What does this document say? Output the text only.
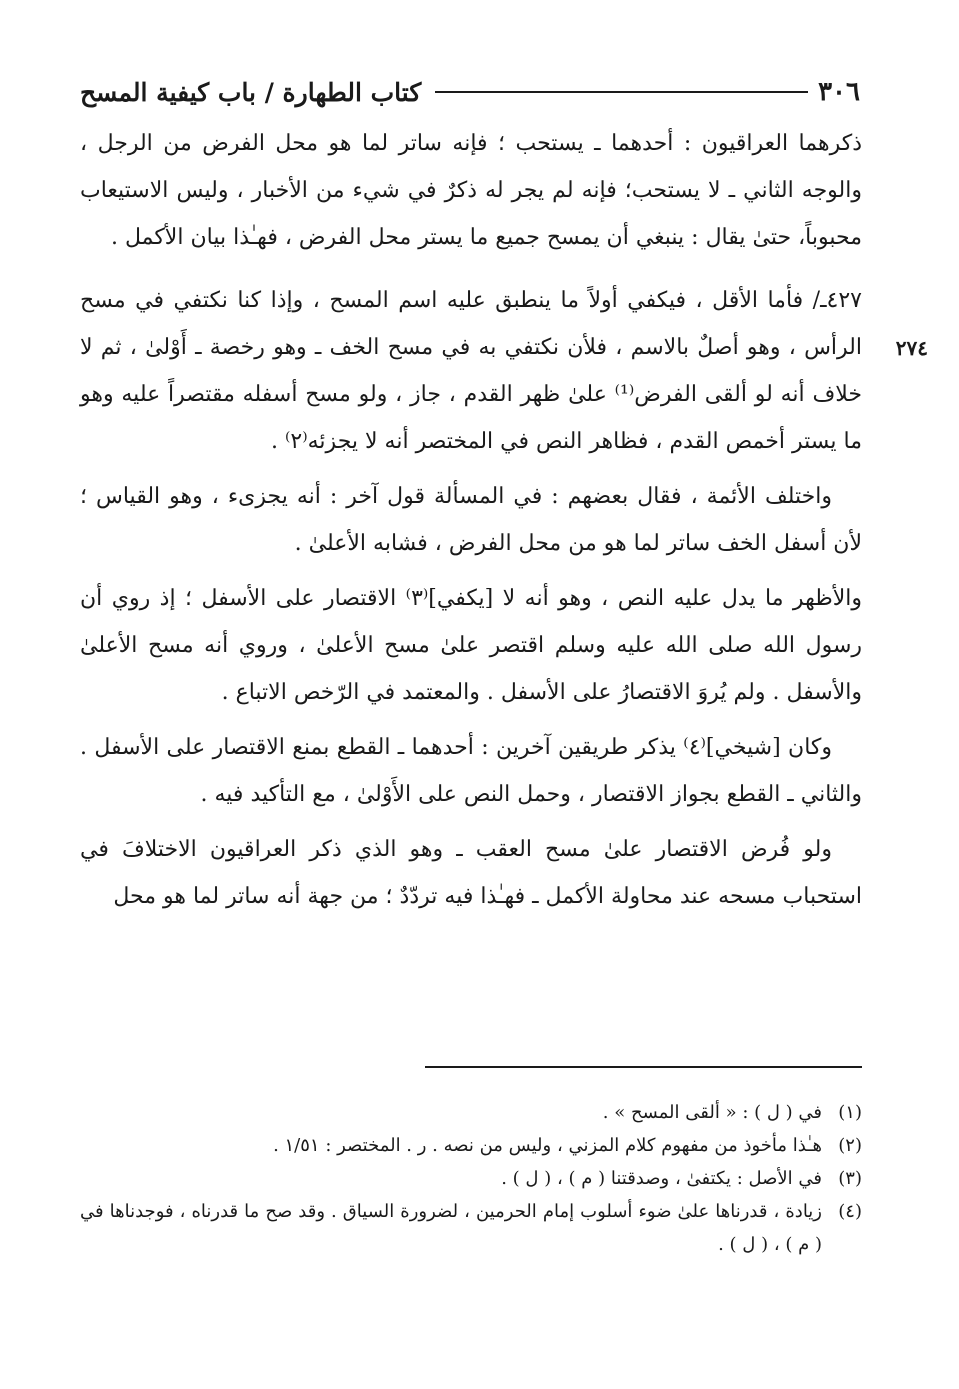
٣٠٦
كتاب الطهارة / باب كيفية المسح
٢٧٤

ذكرهما العراقيون : أحدهما ـ يستحب ؛ فإنه ساتر لما هو محل الفرض من الرجل ، والوجه الثاني ـ لا يستحب؛ فإنه لم يجر له ذكرٌ في شيء من الأخبار ، وليس الاستيعاب محبوباً، حتىٰ يقال : ينبغي أن يمسح جميع ما يستر محل الفرض ، فهـٰذا بيان الأكمل .

٤٢٧ـ/ فأما الأقل ، فيكفي أولاً ما ينطبق عليه اسم المسح ، وإذا كنا نكتفي في مسح الرأس ، وهو أصلٌ بالاسم ، فلأن نكتفي به في مسح الخف ـ وهو رخصة ـ أَوْلىٰ ، ثم لا خلاف أنه لو ألقى الفرض⁽¹⁾ علىٰ ظهر القدم ، جاز ، ولو مسح أسفله مقتصراً عليه وهو ما يستر أخمص القدم ، فظاهر النص في المختصر أنه لا يجزئه⁽٢⁾ .

واختلف الأئمة ، فقال بعضهم : في المسألة قول آخر : أنه يجزىء ، وهو القياس ؛ لأن أسفل الخف ساتر لما هو من محل الفرض ، فشابه الأعلىٰ .

والأظهر ما يدل عليه النص ، وهو أنه لا [يكفي]⁽٣⁾ الاقتصار على الأسفل ؛ إذ روي أن رسول الله صلى الله عليه وسلم اقتصر علىٰ مسح الأعلىٰ ، وروي أنه مسح الأعلىٰ والأسفل . ولم يُروَ الاقتصارُ على الأسفل . والمعتمد في الرّخص الاتباع .

وكان [شيخي]⁽٤⁾ يذكر طريقين آخرين : أحدهما ـ القطع بمنع الاقتصار على الأسفل . والثاني ـ القطع بجواز الاقتصار ، وحمل النص على الأَوْلىٰ ، مع التأكيد فيه .

ولو فُرض الاقتصار علىٰ مسح العقب ـ وهو الذي ذكر العراقيون الاختلافَ في استحباب مسحه عند محاولة الأكمل ـ فهـٰذا فيه تردّدٌ ؛ من جهة أنه ساتر لما هو محل

(١)
في ( ل ) : « ألقى المسح » .
(٢)
هـٰذا مأخوذ من مفهوم كلام المزني ، وليس من نصه . ر . المختصر : ١/٥١ .
(٣)
في الأصل : يكتفىٰ ، وصدقتنا ( م ) ، ( ل ) .
(٤)
زيادة ، قدرناها علىٰ ضوء أسلوب إمام الحرمين ، لضرورة السياق . وقد صح ما قدرناه ، فوجدناها في ( م ) ، ( ل ) .
